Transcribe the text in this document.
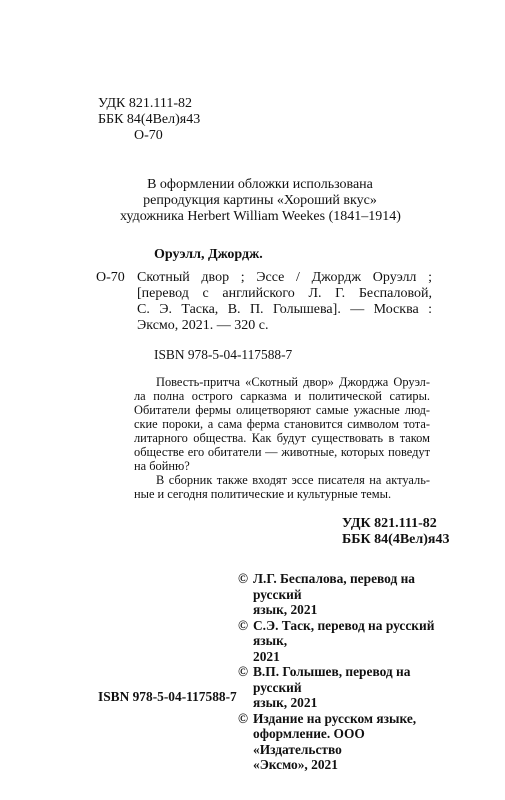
УДК 821.111-82
ББК 84(4Вел)я43
О-70
В оформлении обложки использована
репродукция картины «Хороший вкус»
художника Herbert William Weekes (1841–1914)
Оруэлл, Джордж.
О-70 Скотный двор ; Эссе / Джордж Оруэлл ;
[перевод с английского Л. Г. Беспаловой,
С. Э. Таска, В. П. Голышева]. — Москва :
Эксмо, 2021. — 320 с.
ISBN 978-5-04-117588-7
Повесть-притча «Скотный двор» Джорджа Оруэл-
ла полна острого сарказма и политической сатиры.
Обитатели фермы олицетворяют самые ужасные люд-
ские пороки, а сама ферма становится символом тота-
литарного общества. Как будут существовать в таком
обществе его обитатели — животные, которых поведут
на бойню?
В сборник также входят эссе писателя на актуаль-
ные и сегодня политические и культурные темы.
УДК 821.111-82
ББК 84(4Вел)я43
© Л.Г. Беспалова, перевод на русский
язык, 2021
© С.Э. Таск, перевод на русский язык,
2021
© В.П. Голышев, перевод на русский
язык, 2021
© Издание на русском языке,
оформление. ООО «Издательство
«Эксмо», 2021
ISBN 978-5-04-117588-7
